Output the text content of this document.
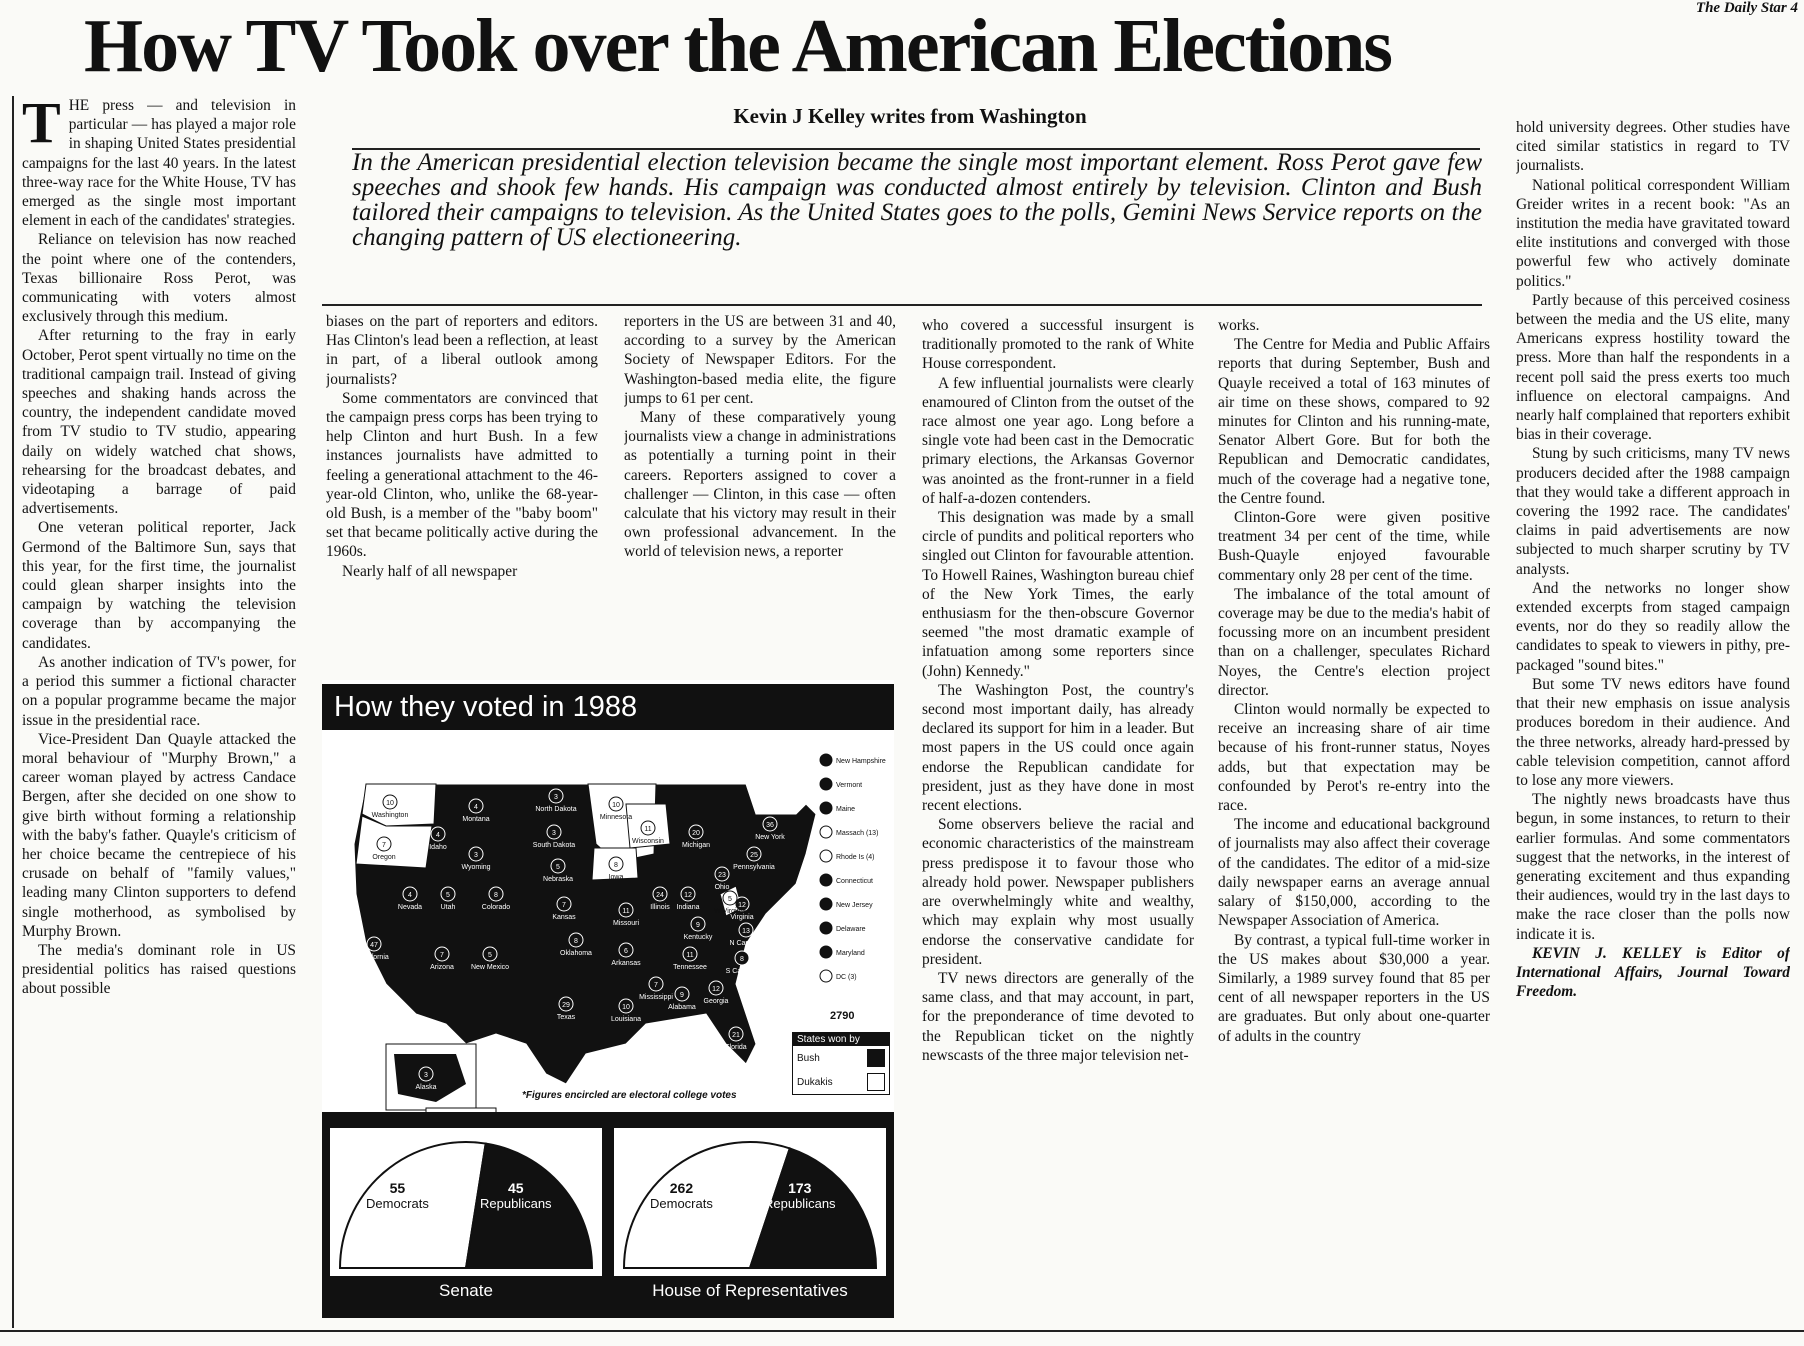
The Daily Star 4
How TV Took over the American Elections
Kevin J Kelley writes from Washington
In the American presidential election television became the single most important element. Ross Perot gave few speeches and shook few hands. His campaign was conducted almost entirely by television. Clinton and Bush tailored their campaigns to television. As the United States goes to the polls, Gemini News Service reports on the changing pattern of US electioneering.

THE press — and television in particular — has played a major role in shaping United States presidential campaigns for the last 40 years. In the latest three-way race for the White House, TV has emerged as the single most important element in each of the candidates' strategies.

Reliance on television has now reached the point where one of the contenders, Texas billionaire Ross Perot, was communicating with voters almost exclusively through this medium.

After returning to the fray in early October, Perot spent virtually no time on the traditional campaign trail. Instead of giving speeches and shaking hands across the country, the independent candidate moved from TV studio to TV studio, appearing daily on widely watched chat shows, rehearsing for the broadcast debates, and videotaping a barrage of paid advertisements.

One veteran political reporter, Jack Germond of the Baltimore Sun, says that this year, for the first time, the journalist could glean sharper insights into the campaign by watching the television coverage than by accompanying the candidates.

As another indication of TV's power, for a period this summer a fictional character on a popular programme became the major issue in the presidential race.

Vice-President Dan Quayle attacked the moral behaviour of "Murphy Brown," a career woman played by actress Candace Bergen, after she decided on one show to give birth without forming a relationship with the baby's father. Quayle's criticism of her choice became the centrepiece of his crusade on behalf of "family values," leading many Clinton supporters to defend single motherhood, as symbolised by Murphy Brown.

The media's dominant role in US presidential politics has raised questions about possible

biases on the part of reporters and editors. Has Clinton's lead been a reflection, at least in part, of a liberal outlook among journalists?

Some commentators are convinced that the campaign press corps has been trying to help Clinton and hurt Bush. In a few instances journalists have admitted to feeling a generational attachment to the 46-year-old Clinton, who, unlike the 68-year-old Bush, is a member of the "baby boom" set that became politically active during the 1960s.

Nearly half of all newspaper

reporters in the US are between 31 and 40, according to a survey by the American Society of Newspaper Editors. For the Washington-based media elite, the figure jumps to 61 per cent.

Many of these comparatively young journalists view a change in administrations as potentially a turning point in their careers. Reporters assigned to cover a challenger — Clinton, in this case — often calculate that his victory may result in their own professional advancement. In the world of television news, a reporter

who covered a successful insurgent is traditionally promoted to the rank of White House correspondent.

A few influential journalists were clearly enamoured of Clinton from the outset of the race almost one year ago. Long before a single vote had been cast in the Democratic primary elections, the Arkansas Governor was anointed as the front-runner in a field of half-a-dozen contenders.

This designation was made by a small circle of pundits and political reporters who singled out Clinton for favourable attention. To Howell Raines, Washington bureau chief of the New York Times, the early enthusiasm for the then-obscure Governor seemed "the most dramatic example of infatuation among some reporters since (John) Kennedy."

The Washington Post, the country's second most important daily, has already declared its support for him in a leader. But most papers in the US could once again endorse the Republican candidate for president, just as they have done in most recent elections.

Some observers believe the racial and economic characteristics of the mainstream press predispose it to favour those who already hold power. Newspaper publishers are overwhelmingly white and wealthy, which may explain why most usually endorse the conservative candidate for president.

TV news directors are generally of the same class, and that may account, in part, for the preponderance of time devoted to the Republican ticket on the nightly newscasts of the three major television net-

works.

The Centre for Media and Public Affairs reports that during September, Bush and Quayle received a total of 163 minutes of air time on these shows, compared to 92 minutes for Clinton and his running-mate, Senator Albert Gore. But for both the Republican and Democratic candidates, much of the coverage had a negative tone, the Centre found.

Clinton-Gore were given positive treatment 34 per cent of the time, while Bush-Quayle enjoyed favourable commentary only 28 per cent of the time.

The imbalance of the total amount of coverage may be due to the media's habit of focussing more on an incumbent president than on a challenger, speculates Richard Noyes, the Centre's election project director.

Clinton would normally be expected to receive an increasing share of air time because of his front-runner status, Noyes adds, but that expectation may be confounded by Perot's re-entry into the race.

The income and educational background of journalists may also affect their coverage of the candidates. The editor of a mid-size daily newspaper earns an average annual salary of $150,000, according to the Newspaper Association of America.

By contrast, a typical full-time worker in the US makes about $30,000 a year. Similarly, a 1989 survey found that 85 per cent of all newspaper reporters in the US are graduates. But only about one-quarter of adults in the country

hold university degrees. Other studies have cited similar statistics in regard to TV journalists.

National political correspondent William Greider writes in a recent book: "As an institution the media have gravitated toward elite institutions and converged with those powerful few who actively dominate politics."

Partly because of this perceived cosiness between the media and the US elite, many Americans express hostility toward the press. More than half the respondents in a recent poll said the press exerts too much influence on electoral campaigns. And nearly half complained that reporters exhibit bias in their coverage.

Stung by such criticisms, many TV news producers decided after the 1988 campaign that they would take a different approach in covering the 1992 race. The candidates' claims in paid advertisements are now subjected to much sharper scrutiny by TV analysts.

And the networks no longer show extended excerpts from staged campaign events, nor do they so readily allow the candidates to speak to viewers in pithy, pre-packaged "sound bites."

But some TV news editors have found that their new emphasis on issue analysis produces boredom in their audience. And the three networks, already hard-pressed by cable television competition, cannot afford to lose any more viewers.

The nightly news broadcasts have thus begun, in some instances, to return to their earlier formulas. And some commentators suggest that the networks, in the interest of generating excitement and thus expanding their audiences, would try in the last days to make the race closer than the polls now indicate it is.

KEVIN J. KELLEY is Editor of International Affairs, Journal Toward Freedom.

How they voted in 1988
10
Washington
7
Oregon
4
Idaho
4
Montana
3
Wyoming
4
Nevada
47
California
5
Utah
8
Colorado
7
Arizona
5
New Mexico
3
North Dakota
3
South Dakota
5
Nebraska
7
Kansas
8
Oklahoma
29
Texas
10
Minnesota
8
Iowa
11
Missouri
6
Arkansas
10
Louisiana
11
Wisconsin
24
Illinois
20
Michigan
12
Indiana
23
Ohio
9
Kentucky
11
Tennessee
7
Mississippi 9
Alabama
12
Georgia
21
Florida
8
S Carolina
13
N Carolina
12
Virginia
5
W Virginia
25
Pennsylvania
36
New York
3
Alaska
New Hampshire
Vermont
Maine
Massach (13)
Rhode Is (4)
Connecticut
New Jersey
Delaware
Maryland
DC (3)
2790
States won by
Bush
Dukakis
*Figures encircled are electoral college votes
55
Democrats
45
Republicans
Senate
262
Democrats
173
Republicans
House of Representatives
